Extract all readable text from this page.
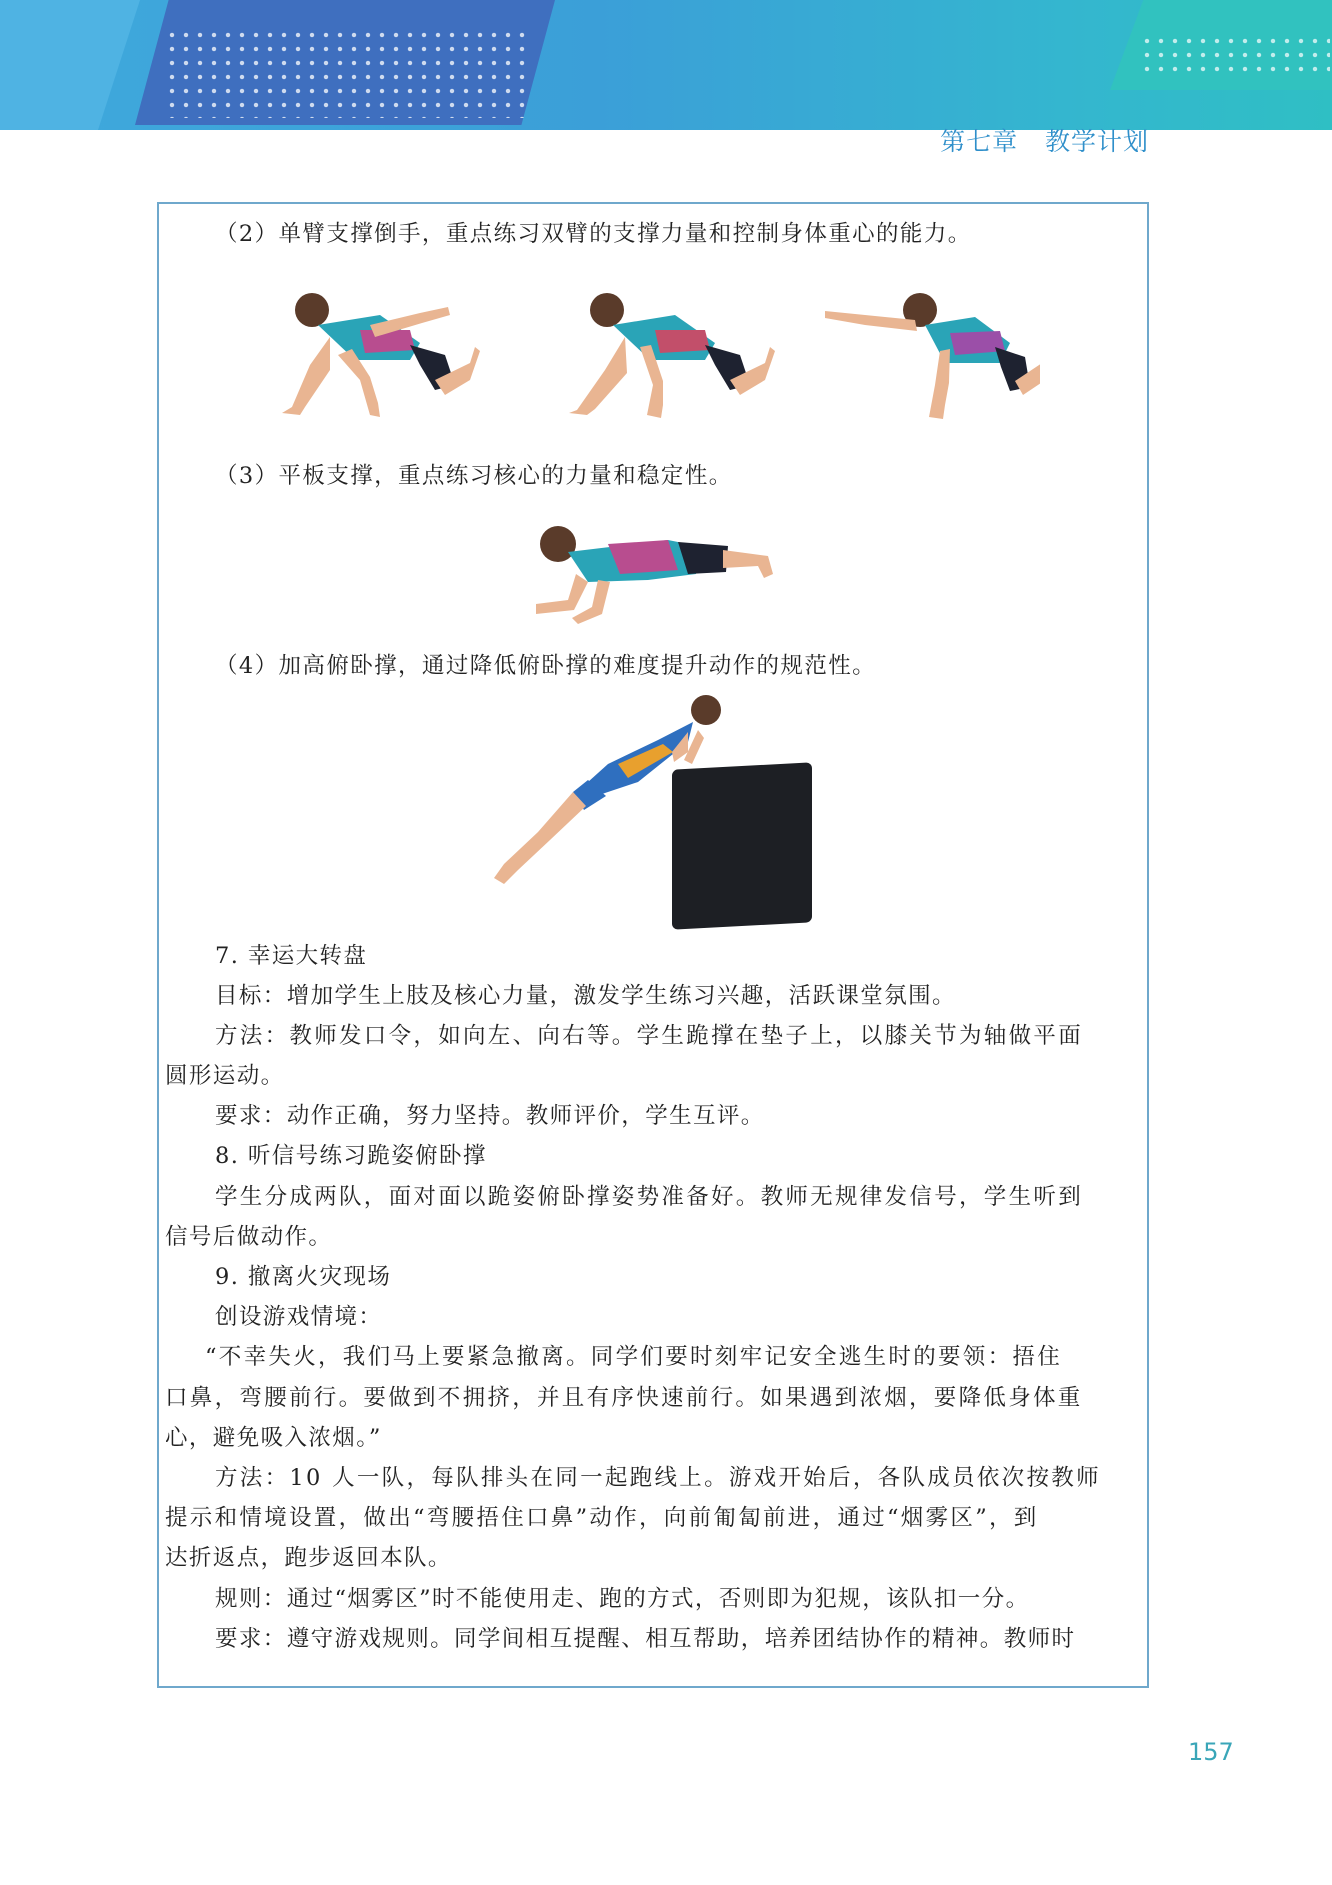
第七章   教学计划
（2）单臂支撑倒手，重点练习双臂的支撑力量和控制身体重心的能力。
（3）平板支撑，重点练习核心的力量和稳定性。
（4）加高俯卧撑，通过降低俯卧撑的难度提升动作的规范性。
7. 幸运大转盘
目标：增加学生上肢及核心力量，激发学生练习兴趣，活跃课堂氛围。
方法：教师发口令，如向左、向右等。学生跪撑在垫子上，以膝关节为轴做平面
圆形运动。
要求：动作正确，努力坚持。教师评价，学生互评。
8. 听信号练习跪姿俯卧撑
学生分成两队，面对面以跪姿俯卧撑姿势准备好。教师无规律发信号，学生听到
信号后做动作。
9. 撤离火灾现场
创设游戏情境：
“不幸失火，我们马上要紧急撤离。同学们要时刻牢记安全逃生时的要领：捂住
口鼻，弯腰前行。要做到不拥挤，并且有序快速前行。如果遇到浓烟，要降低身体重
心，避免吸入浓烟。”
方法：10 人一队，每队排头在同一起跑线上。游戏开始后，各队成员依次按教师
提示和情境设置，做出“弯腰捂住口鼻”动作，向前匍匐前进，通过“烟雾区”，到
达折返点，跑步返回本队。
规则：通过“烟雾区”时不能使用走、跑的方式，否则即为犯规，该队扣一分。
要求：遵守游戏规则。同学间相互提醒、相互帮助，培养团结协作的精神。教师时
157
